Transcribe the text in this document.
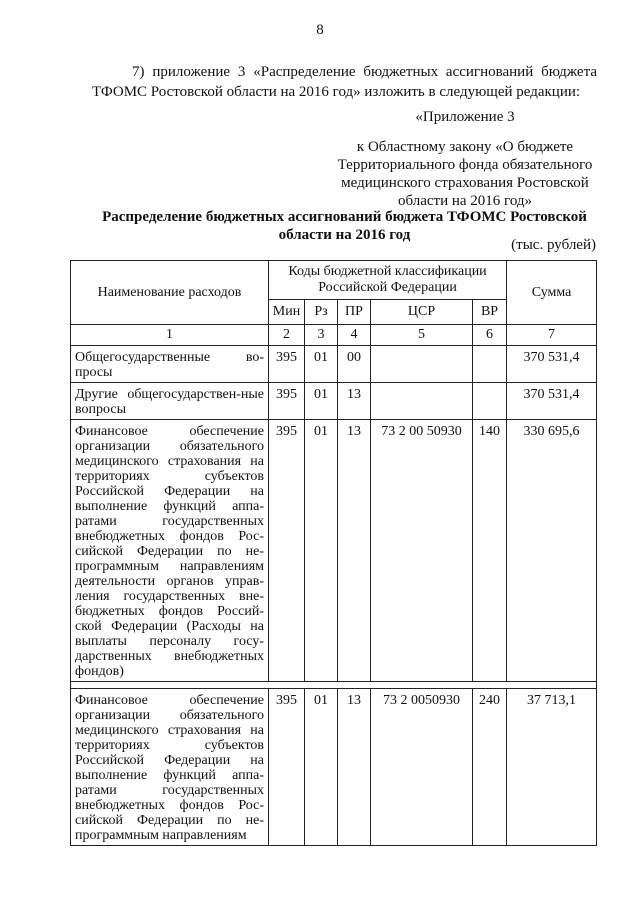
8

7) приложение 3 «Распределение бюджетных ассигнований бюджета ТФОМС Ростовской области на 2016 год» изложить в следующей редакции:

«Приложение 3
к Областному закону «О бюджете
Территориального фонда обязательного
медицинского страхования Ростовской
области на 2016 год»

Распределение бюджетных ассигнований бюджета ТФОМС Ростовской области на 2016 год

(тыс. рублей)
Наименование расходов	Коды бюджетной классификации Российской Федерации					Сумма
	Мин	Рз	ПР	ЦСР	ВР	
1	2	3	4	5	6	7
Общегосударственные во-просы	395	01	00			370 531,4
Другие общегосударствен-ные вопросы	395	01	13			370 531,4
Финансовое обеспечение организации обязательного медицинского страхования на территориях субъектов Российской Федерации на выполнение функций аппа-ратами государственных внебюджетных фондов Рос-сийской Федерации по не-программным направлениям деятельности органов управ-ления государственных вне-бюджетных фондов Россий-ской Федерации (Расходы на выплаты персоналу госу-дарственных внебюджетных фондов)	395	01	13	73 2 00 50930	140	330 695,6

Финансовое обеспечение организации обязательного медицинского страхования на территориях субъектов Российской Федерации на выполнение функций аппа-ратами государственных внебюджетных фондов Рос-сийской Федерации по не-программным направлениям	395	01	13	73 2 0050930	240	37 713,1
